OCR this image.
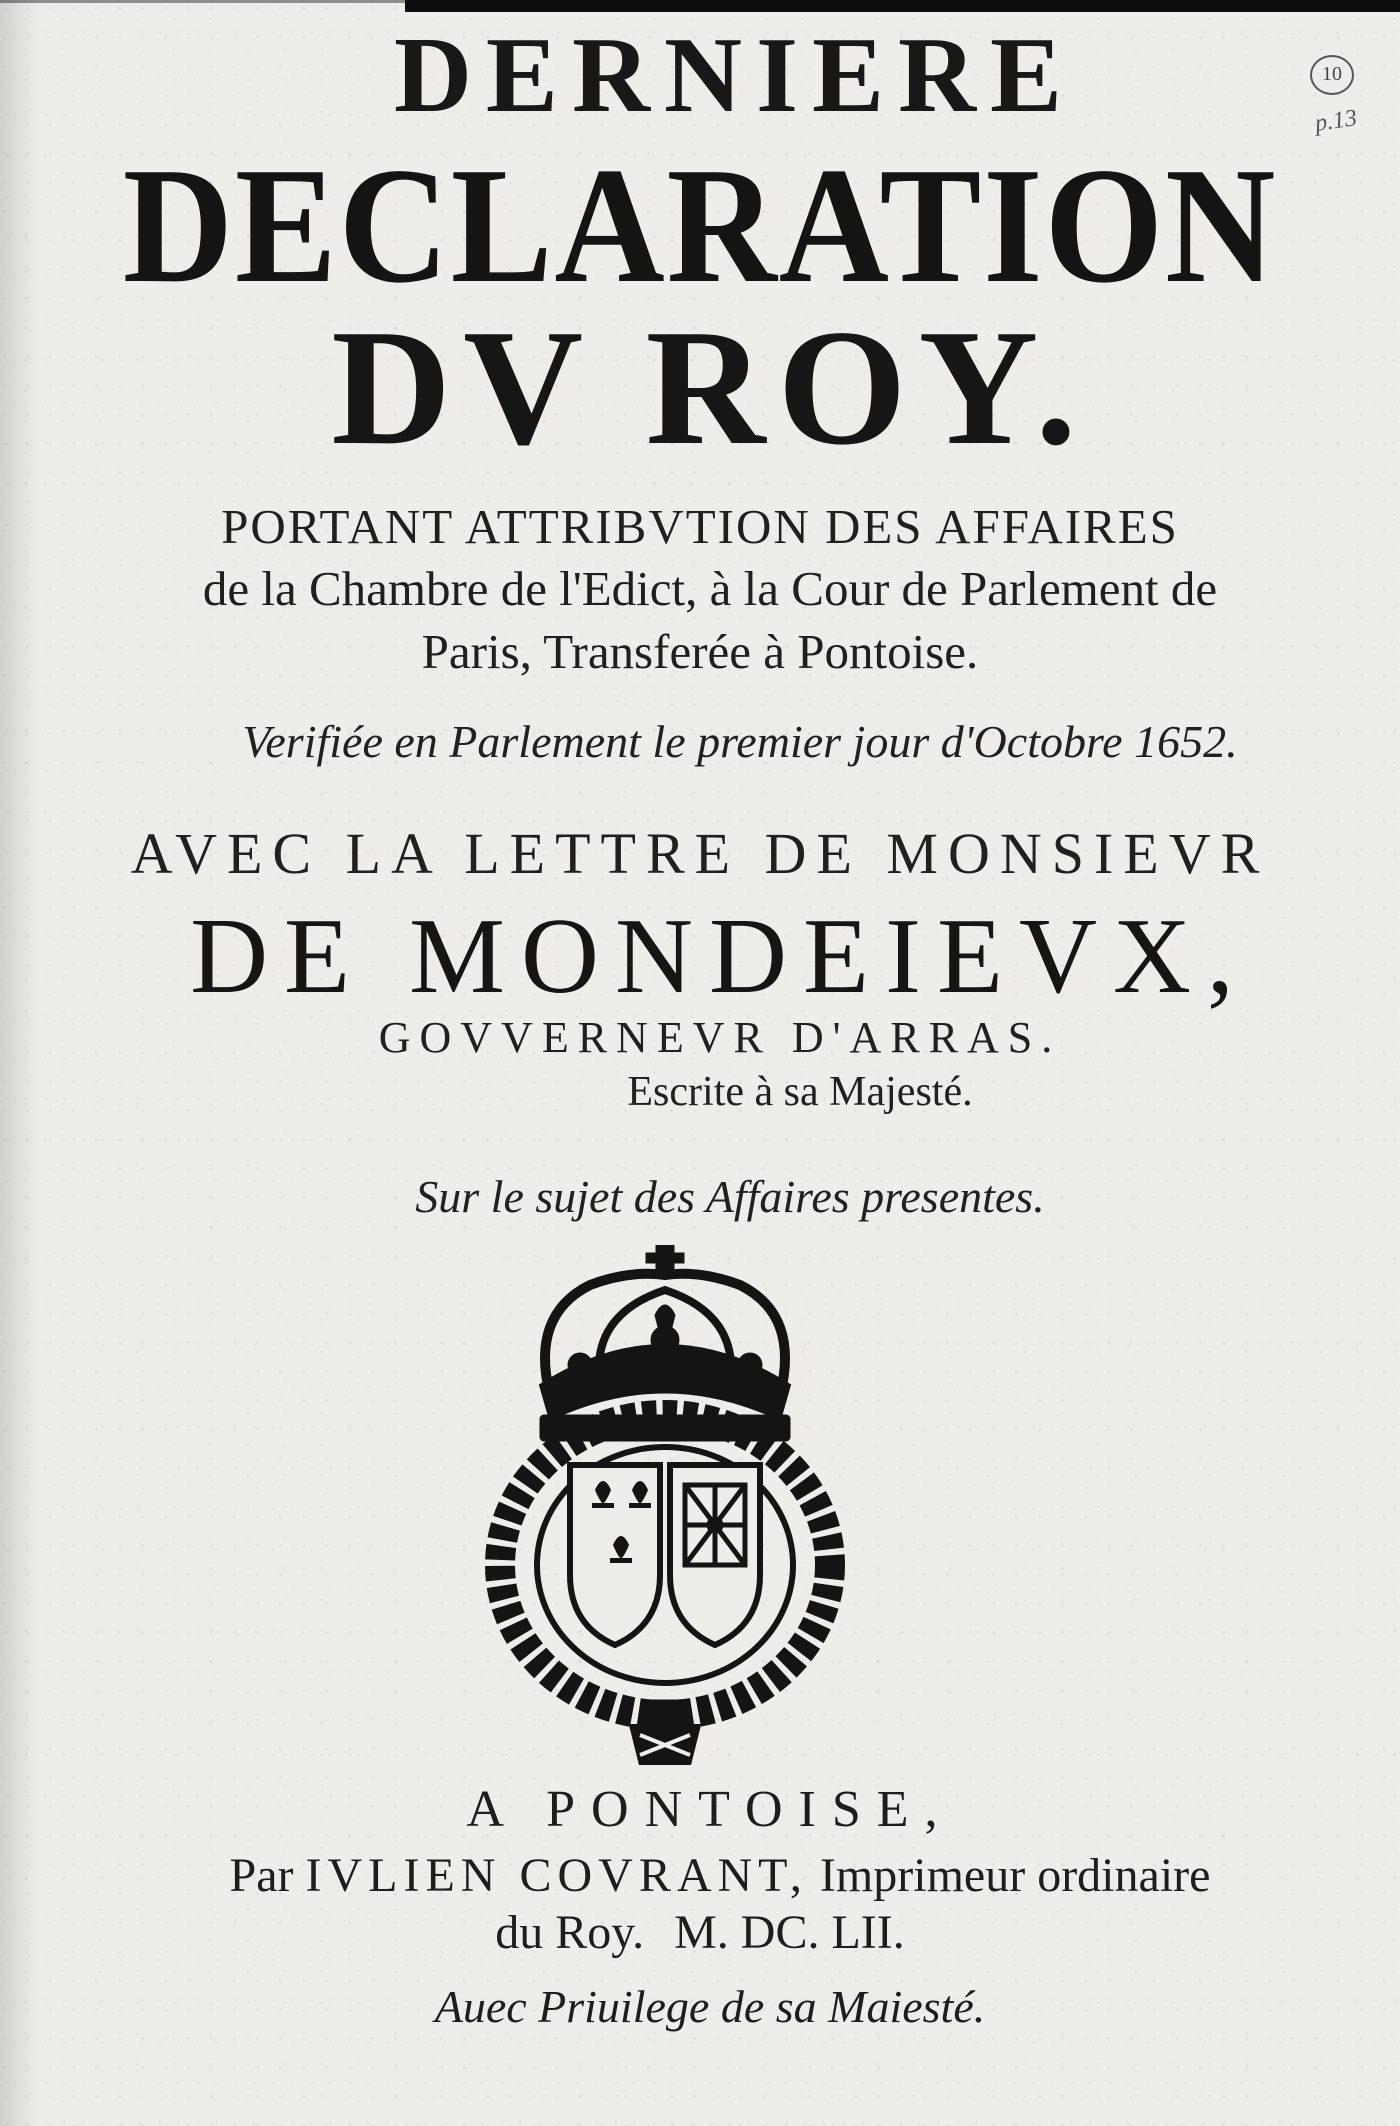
10
p.13

DERNIERE

DECLARATION

DV ROY.

PORTANT ATTRIBVTION DES AFFAIRES

de la Chambre de l'Edict, à la Cour de Parlement de

Paris, Transferée à Pontoise.

Verifiée en Parlement le premier jour d'Octobre 1652.

AVEC LA LETTRE DE MONSIEVR

DE MONDEIEVX,

GOVVERNEVR D'ARRAS.

Escrite à sa Majesté.

Sur le sujet des Affaires presentes.

A PONTOISE,

Par IVLIEN COVRANT, Imprimeur ordinaire

du Roy. M. DC. LII.

Auec Priuilege de sa Maiesté.
